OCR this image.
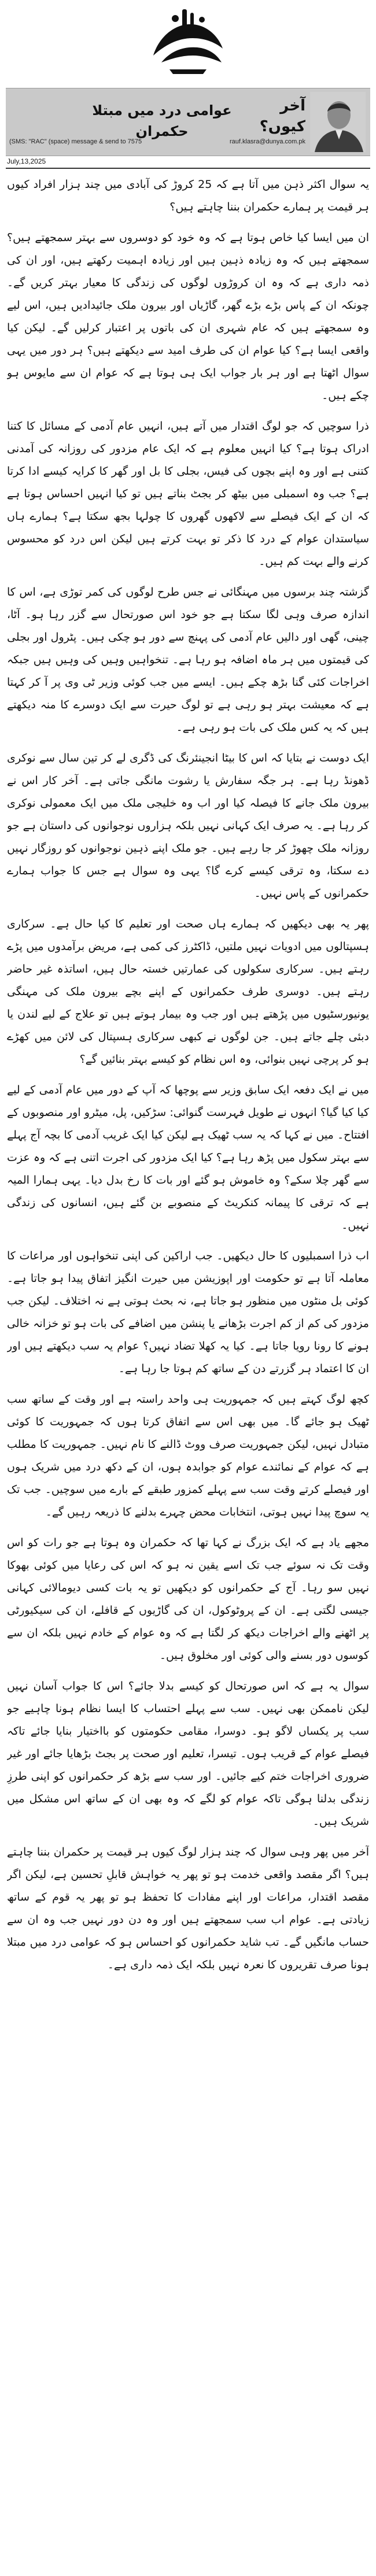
عوامی درد میں مبتلا حکمران
آخر کیوں؟
(SMS: "RAC" (space) message & send to 7575	rauf.klasra@dunya.com.pk
July,13,2025

یہ سوال اکثر ذہن میں آتا ہے کہ 25 کروڑ کی آبادی میں چند ہزار افراد کیوں ہر قیمت پر ہمارے حکمران بننا چاہتے ہیں؟

ان میں ایسا کیا خاص ہوتا ہے کہ وہ خود کو دوسروں سے بہتر سمجھتے ہیں؟ سمجھتے ہیں کہ وہ زیادہ ذہین ہیں اور زیادہ اہمیت رکھتے ہیں، اور ان کی ذمہ داری ہے کہ وہ ان کروڑوں لوگوں کی زندگی کا معیار بہتر کریں گے۔ چونکہ ان کے پاس بڑے بڑے گھر، گاڑیاں اور بیرون ملک جائیدادیں ہیں، اس لیے وہ سمجھتے ہیں کہ عام شہری ان کی باتوں پر اعتبار کرلیں گے۔ لیکن کیا واقعی ایسا ہے؟ کیا عوام ان کی طرف امید سے دیکھتے ہیں؟ ہر دور میں یہی سوال اٹھتا ہے اور ہر بار جواب ایک ہی ہوتا ہے کہ عوام ان سے مایوس ہو چکے ہیں۔

ذرا سوچیں کہ جو لوگ اقتدار میں آتے ہیں، انہیں عام آدمی کے مسائل کا کتنا ادراک ہوتا ہے؟ کیا انہیں معلوم ہے کہ ایک عام مزدور کی روزانہ کی آمدنی کتنی ہے اور وہ اپنے بچوں کی فیس، بجلی کا بل اور گھر کا کرایہ کیسے ادا کرتا ہے؟ جب وہ اسمبلی میں بیٹھ کر بجٹ بناتے ہیں تو کیا انہیں احساس ہوتا ہے کہ ان کے ایک فیصلے سے لاکھوں گھروں کا چولہا بجھ سکتا ہے؟ ہمارے ہاں سیاستدان عوام کے درد کا ذکر تو بہت کرتے ہیں لیکن اس درد کو محسوس کرنے والے بہت کم ہیں۔

گزشتہ چند برسوں میں مہنگائی نے جس طرح لوگوں کی کمر توڑی ہے، اس کا اندازہ صرف وہی لگا سکتا ہے جو خود اس صورتحال سے گزر رہا ہو۔ آٹا، چینی، گھی اور دالیں عام آدمی کی پہنچ سے دور ہو چکی ہیں۔ پٹرول اور بجلی کی قیمتوں میں ہر ماہ اضافہ ہو رہا ہے۔ تنخواہیں وہیں کی وہیں ہیں جبکہ اخراجات کئی گنا بڑھ چکے ہیں۔ ایسے میں جب کوئی وزیر ٹی وی پر آ کر کہتا ہے کہ معیشت بہتر ہو رہی ہے تو لوگ حیرت سے ایک دوسرے کا منہ دیکھتے ہیں کہ یہ کس ملک کی بات ہو رہی ہے۔

ایک دوست نے بتایا کہ اس کا بیٹا انجینئرنگ کی ڈگری لے کر تین سال سے نوکری ڈھونڈ رہا ہے۔ ہر جگہ سفارش یا رشوت مانگی جاتی ہے۔ آخر کار اس نے بیرون ملک جانے کا فیصلہ کیا اور اب وہ خلیجی ملک میں ایک معمولی نوکری کر رہا ہے۔ یہ صرف ایک کہانی نہیں بلکہ ہزاروں نوجوانوں کی داستان ہے جو روزانہ ملک چھوڑ کر جا رہے ہیں۔ جو ملک اپنے ذہین نوجوانوں کو روزگار نہیں دے سکتا، وہ ترقی کیسے کرے گا؟ یہی وہ سوال ہے جس کا جواب ہمارے حکمرانوں کے پاس نہیں۔

پھر یہ بھی دیکھیں کہ ہمارے ہاں صحت اور تعلیم کا کیا حال ہے۔ سرکاری ہسپتالوں میں ادویات نہیں ملتیں، ڈاکٹرز کی کمی ہے، مریض برآمدوں میں پڑے رہتے ہیں۔ سرکاری سکولوں کی عمارتیں خستہ حال ہیں، اساتذہ غیر حاضر رہتے ہیں۔ دوسری طرف حکمرانوں کے اپنے بچے بیرون ملک کی مہنگی یونیورسٹیوں میں پڑھتے ہیں اور جب وہ بیمار ہوتے ہیں تو علاج کے لیے لندن یا دبئی چلے جاتے ہیں۔ جن لوگوں نے کبھی سرکاری ہسپتال کی لائن میں کھڑے ہو کر پرچی نہیں بنوائی، وہ اس نظام کو کیسے بہتر بنائیں گے؟

میں نے ایک دفعہ ایک سابق وزیر سے پوچھا کہ آپ کے دور میں عام آدمی کے لیے کیا کیا گیا؟ انہوں نے طویل فہرست گنوائی: سڑکیں، پل، میٹرو اور منصوبوں کے افتتاح۔ میں نے کہا کہ یہ سب ٹھیک ہے لیکن کیا ایک غریب آدمی کا بچہ آج پہلے سے بہتر سکول میں پڑھ رہا ہے؟ کیا ایک مزدور کی اجرت اتنی ہے کہ وہ عزت سے گھر چلا سکے؟ وہ خاموش ہو گئے اور بات کا رخ بدل دیا۔ یہی ہمارا المیہ ہے کہ ترقی کا پیمانہ کنکریٹ کے منصوبے بن گئے ہیں، انسانوں کی زندگی نہیں۔

اب ذرا اسمبلیوں کا حال دیکھیں۔ جب اراکین کی اپنی تنخواہوں اور مراعات کا معاملہ آتا ہے تو حکومت اور اپوزیشن میں حیرت انگیز اتفاق پیدا ہو جاتا ہے۔ کوئی بل منٹوں میں منظور ہو جاتا ہے، نہ بحث ہوتی ہے نہ اختلاف۔ لیکن جب مزدور کی کم از کم اجرت بڑھانے یا پنشن میں اضافے کی بات ہو تو خزانہ خالی ہونے کا رونا رویا جاتا ہے۔ کیا یہ کھلا تضاد نہیں؟ عوام یہ سب دیکھتے ہیں اور ان کا اعتماد ہر گزرتے دن کے ساتھ کم ہوتا جا رہا ہے۔

کچھ لوگ کہتے ہیں کہ جمہوریت ہی واحد راستہ ہے اور وقت کے ساتھ سب ٹھیک ہو جائے گا۔ میں بھی اس سے اتفاق کرتا ہوں کہ جمہوریت کا کوئی متبادل نہیں، لیکن جمہوریت صرف ووٹ ڈالنے کا نام نہیں۔ جمہوریت کا مطلب ہے کہ عوام کے نمائندے عوام کو جوابدہ ہوں، ان کے دکھ درد میں شریک ہوں اور فیصلے کرتے وقت سب سے پہلے کمزور طبقے کے بارے میں سوچیں۔ جب تک یہ سوچ پیدا نہیں ہوتی، انتخابات محض چہرے بدلنے کا ذریعہ رہیں گے۔

مجھے یاد ہے کہ ایک بزرگ نے کہا تھا کہ حکمران وہ ہوتا ہے جو رات کو اس وقت تک نہ سوئے جب تک اسے یقین نہ ہو کہ اس کی رعایا میں کوئی بھوکا نہیں سو رہا۔ آج کے حکمرانوں کو دیکھیں تو یہ بات کسی دیومالائی کہانی جیسی لگتی ہے۔ ان کے پروٹوکول، ان کی گاڑیوں کے قافلے، ان کی سیکیورٹی پر اٹھنے والے اخراجات دیکھ کر لگتا ہے کہ وہ عوام کے خادم نہیں بلکہ ان سے کوسوں دور بسنے والی کوئی اور مخلوق ہیں۔

سوال یہ ہے کہ اس صورتحال کو کیسے بدلا جائے؟ اس کا جواب آسان نہیں لیکن ناممکن بھی نہیں۔ سب سے پہلے احتساب کا ایسا نظام ہونا چاہیے جو سب پر یکساں لاگو ہو۔ دوسرا، مقامی حکومتوں کو بااختیار بنایا جائے تاکہ فیصلے عوام کے قریب ہوں۔ تیسرا، تعلیم اور صحت پر بجٹ بڑھایا جائے اور غیر ضروری اخراجات ختم کیے جائیں۔ اور سب سے بڑھ کر حکمرانوں کو اپنی طرزِ زندگی بدلنا ہوگی تاکہ عوام کو لگے کہ وہ بھی ان کے ساتھ اس مشکل میں شریک ہیں۔

آخر میں پھر وہی سوال کہ چند ہزار لوگ کیوں ہر قیمت پر حکمران بننا چاہتے ہیں؟ اگر مقصد واقعی خدمت ہو تو پھر یہ خواہش قابلِ تحسین ہے، لیکن اگر مقصد اقتدار، مراعات اور اپنے مفادات کا تحفظ ہو تو پھر یہ قوم کے ساتھ زیادتی ہے۔ عوام اب سب سمجھتے ہیں اور وہ دن دور نہیں جب وہ ان سے حساب مانگیں گے۔ تب شاید حکمرانوں کو احساس ہو کہ عوامی درد میں مبتلا ہونا صرف تقریروں کا نعرہ نہیں بلکہ ایک ذمہ داری ہے۔
